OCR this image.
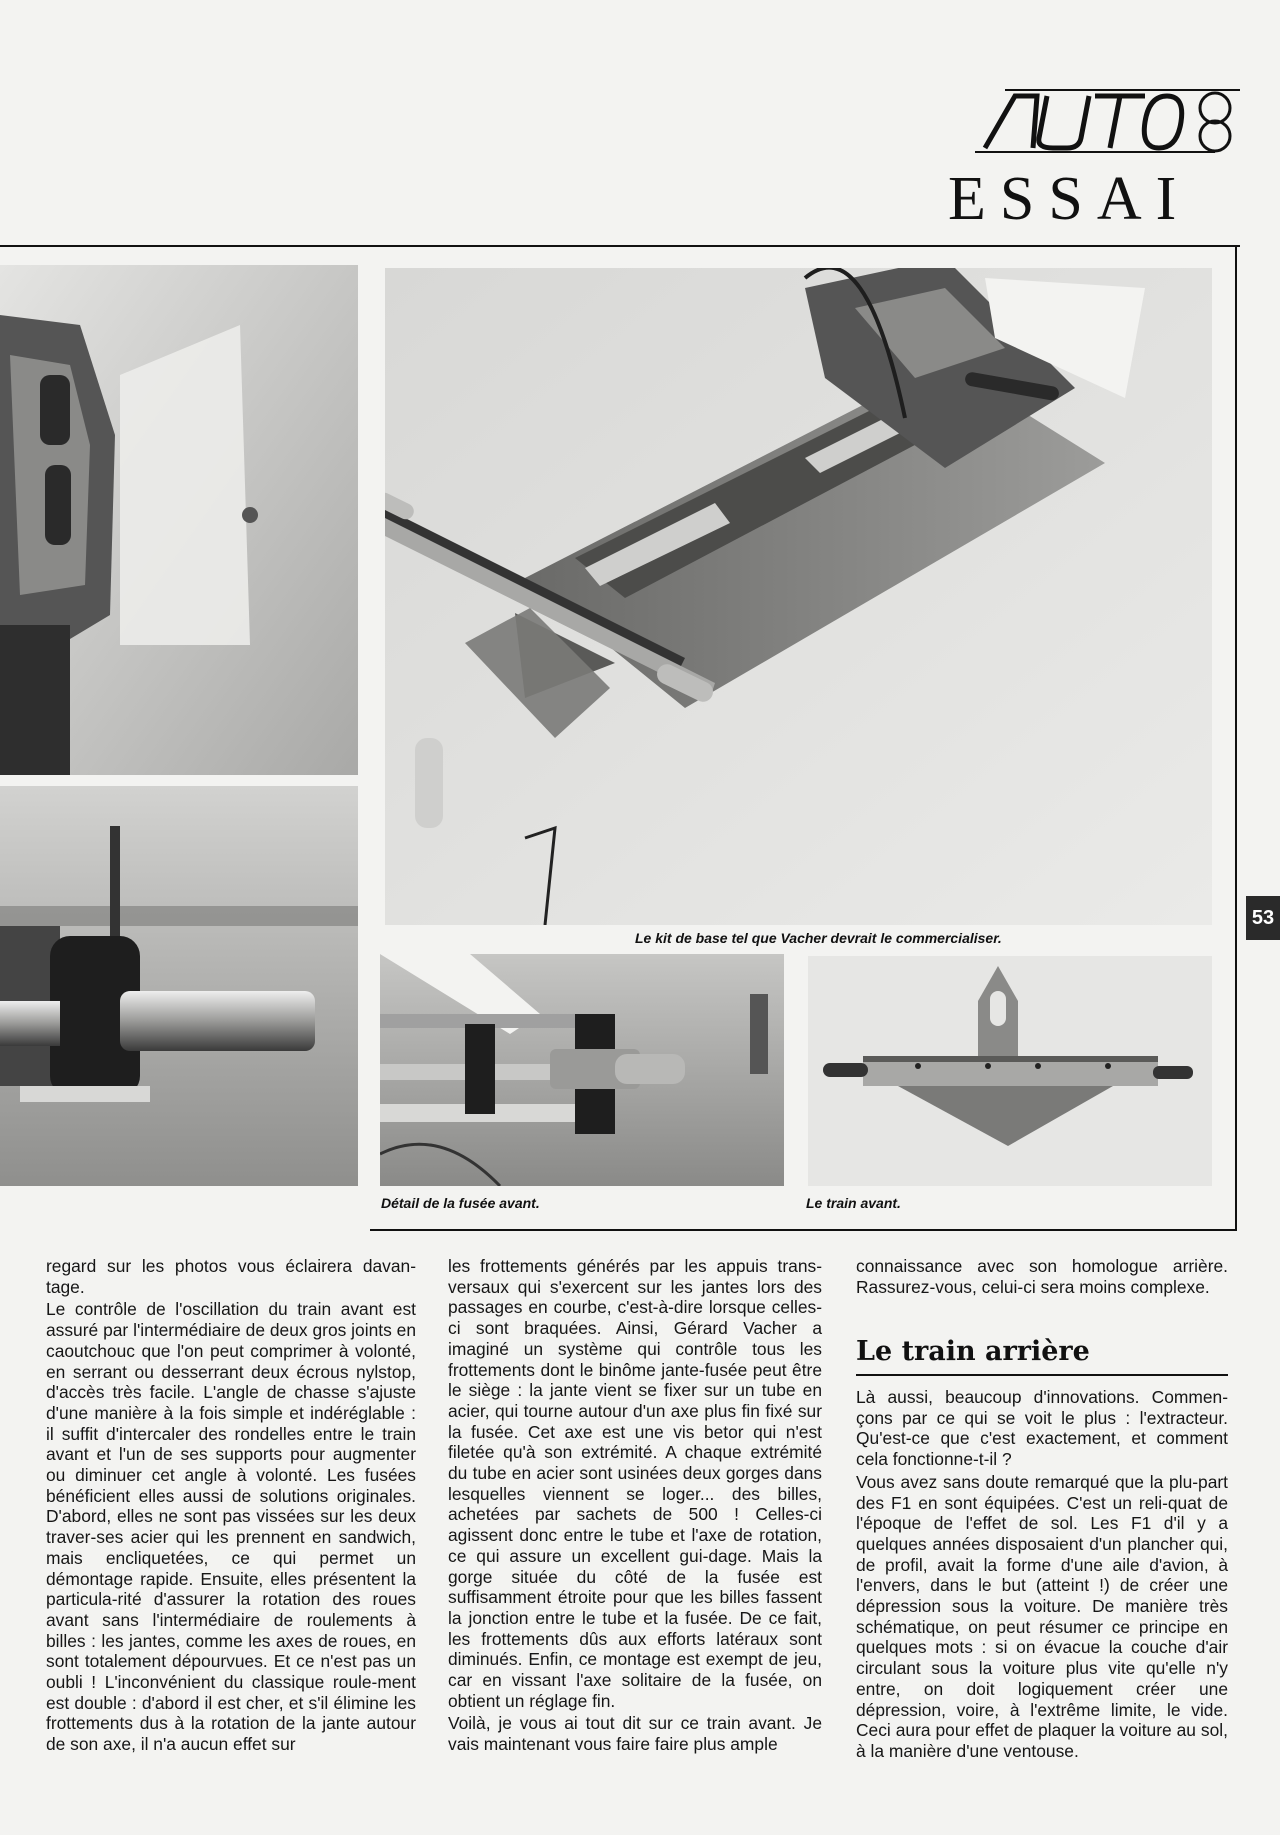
ESSAI
Le kit de base tel que Vacher devrait le commercialiser.
53
Détail de la fusée avant.	Le train avant.

regard sur les photos vous éclairera davan-tage.

Le contrôle de l'oscillation du train avant est assuré par l'intermédiaire de deux gros joints en caoutchouc que l'on peut comprimer à volonté, en serrant ou desserrant deux écrous nylstop, d'accès très facile. L'angle de chasse s'ajuste d'une manière à la fois simple et indéréglable : il suffit d'intercaler des rondelles entre le train avant et l'un de ses supports pour augmenter ou diminuer cet angle à volonté. Les fusées bénéficient elles aussi de solutions originales. D'abord, elles ne sont pas vissées sur les deux traver-ses acier qui les prennent en sandwich, mais encliquetées, ce qui permet un démontage rapide. Ensuite, elles présentent la particula-rité d'assurer la rotation des roues avant sans l'intermédiaire de roulements à billes : les jantes, comme les axes de roues, en sont totalement dépourvues. Et ce n'est pas un oubli ! L'inconvénient du classique roule-ment est double : d'abord il est cher, et s'il élimine les frottements dus à la rotation de la jante autour de son axe, il n'a aucun effet sur

les frottements générés par les appuis trans-versaux qui s'exercent sur les jantes lors des passages en courbe, c'est-à-dire lorsque celles-ci sont braquées. Ainsi, Gérard Vacher a imaginé un système qui contrôle tous les frottements dont le binôme jante-fusée peut être le siège : la jante vient se fixer sur un tube en acier, qui tourne autour d'un axe plus fin fixé sur la fusée. Cet axe est une vis betor qui n'est filetée qu'à son extrémité. A chaque extrémité du tube en acier sont usinées deux gorges dans lesquelles viennent se loger... des billes, achetées par sachets de 500 ! Celles-ci agissent donc entre le tube et l'axe de rotation, ce qui assure un excellent gui-dage. Mais la gorge située du côté de la fusée est suffisamment étroite pour que les billes fassent la jonction entre le tube et la fusée. De ce fait, les frottements dûs aux efforts latéraux sont diminués. Enfin, ce montage est exempt de jeu, car en vissant l'axe solitaire de la fusée, on obtient un réglage fin.

Voilà, je vous ai tout dit sur ce train avant. Je vais maintenant vous faire faire plus ample

connaissance avec son homologue arrière. Rassurez-vous, celui-ci sera moins complexe.

Le train arrière

Là aussi, beaucoup d'innovations. Commen-çons par ce qui se voit le plus : l'extracteur. Qu'est-ce que c'est exactement, et comment cela fonctionne-t-il ?

Vous avez sans doute remarqué que la plu-part des F1 en sont équipées. C'est un reli-quat de l'époque de l'effet de sol. Les F1 d'il y a quelques années disposaient d'un plancher qui, de profil, avait la forme d'une aile d'avion, à l'envers, dans le but (atteint !) de créer une dépression sous la voiture. De manière très schématique, on peut résumer ce principe en quelques mots : si on évacue la couche d'air circulant sous la voiture plus vite qu'elle n'y entre, on doit logiquement créer une dépression, voire, à l'extrême limite, le vide. Ceci aura pour effet de plaquer la voiture au sol, à la manière d'une ventouse.
